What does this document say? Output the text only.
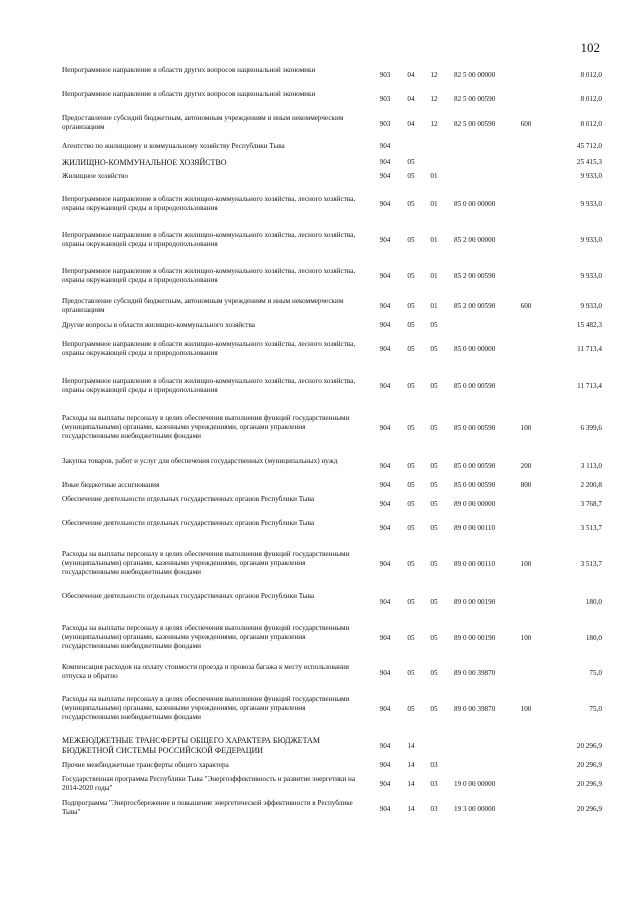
102
Непрограммное направление в области других вопросов национальной экономики
903	04	12	82 5 00 00000	8 012,0
Непрограммное направление в области других вопросов национальной экономики
903	04	12	82 5 00 00590	8 012,0
Предоставление субсидий бюджетным, автономным учреждениям и иным некоммерческим организациям	903	04	12	82 5 00 00590	600	8 012,0
Агентство по жилищному и коммунальному хозяйству Республики Тыва	904	45 712,0
ЖИЛИЩНО-КОММУНАЛЬНОЕ ХОЗЯЙСТВО	904	05	25 415,3
Жилищное хозяйство	904	05	01	9 933,0
Непрограммное направление в области жилищно-коммунального хозяйства, лесного хозяйства, охраны окружающей среды и природопользования
904	05	01	85 0 00 00000	9 933,0
Непрограммное направление в области жилищно-коммунального хозяйства, лесного хозяйства, охраны окружающей среды и природопользования
904	05	01	85 2 00 00000	9 933,0
Непрограммное направление в области жилищно-коммунального хозяйства, лесного хозяйства, охраны окружающей среды и природопользования
904	05	01	85 2 00 00590	9 933,0
Предоставление субсидий бюджетным, автономным учреждениям и иным некоммерческим организациям
904	05	01	85 2 00 00590	600	9 933,0
Другие вопросы в области жилищно-коммунального хозяйства	904	05	05	15 482,3
Непрограммное направление в области жилищно-коммунального хозяйства, лесного хозяйства, охраны окружающей среды и природопользования
904	05	05	85 0 00 00000	11 713,4
Непрограммное направление в области жилищно-коммунального хозяйства, лесного хозяйства, охраны окружающей среды и природопользования
904	05	05	85 0 00 00590	11 713,4
Расходы на выплаты персоналу в целях обеспечения выполнения функций государственными (муниципальными) органами, казенными учреждениями, органами управления государственными внебюджетными фондами
904	05	05	85 0 00 00590	100	6 399,6
Закупка товаров, работ и услуг для обеспечения государственных (муниципальных) нужд
904	05	05	85 0 00 00590	200	3 113,0
Иные бюджетные ассигнования	904	05	05	85 0 00 00590	800	2 200,8
Обеспечение деятельности отдельных государственных органов Республики Тыва
904	05	05	89 0 00 00000	3 768,7
Обеспечение деятельности отдельных государственных органов Республики Тыва
904	05	05	89 0 00 00110	3 513,7
Расходы на выплаты персоналу в целях обеспечения выполнения функций государственными (муниципальными) органами, казенными учреждениями, органами управления государственными внебюджетными фондами
904	05	05	89 0 00 00110	100	3 513,7
Обеспечение деятельности отдельных государственных органов Республики Тыва
904	05	05	89 0 00 00190	180,0
Расходы на выплаты персоналу в целях обеспечения выполнения функций государственными (муниципальными) органами, казенными учреждениями, органами управления государственными внебюджетными фондами
904	05	05	89 0 00 00190	100	180,0
Компенсация расходов на оплату стоимости проезда и провоза багажа к месту использования отпуска и обратно	904	05	05	89 0 00 39870	75,0
Расходы на выплаты персоналу в целях обеспечения выполнения функций государственными (муниципальными) органами, казенными учреждениями, органами управления государственными внебюджетными фондами
904	05	05	89 0 00 39870	100	75,0
МЕЖБЮДЖЕТНЫЕ ТРАНСФЕРТЫ ОБЩЕГО ХАРАКТЕРА БЮДЖЕТАМ БЮДЖЕТНОЙ СИСТЕМЫ РОССИЙСКОЙ ФЕДЕРАЦИИ	904	14	20 296,9
Прочие межбюджетные трансферты общего характера	904	14	03	20 296,9
Государственная программа Республики Тыва "Энергоэффективность и развитие энергетики на 2014-2020 годы"
904	14	03	19 0 00 00000	20 296,9
Подпрограмма "Энергосбережение и повышение энергетической эффективности в Республике Тыва"	904	14	03	19 3 00 00000	20 296,9
